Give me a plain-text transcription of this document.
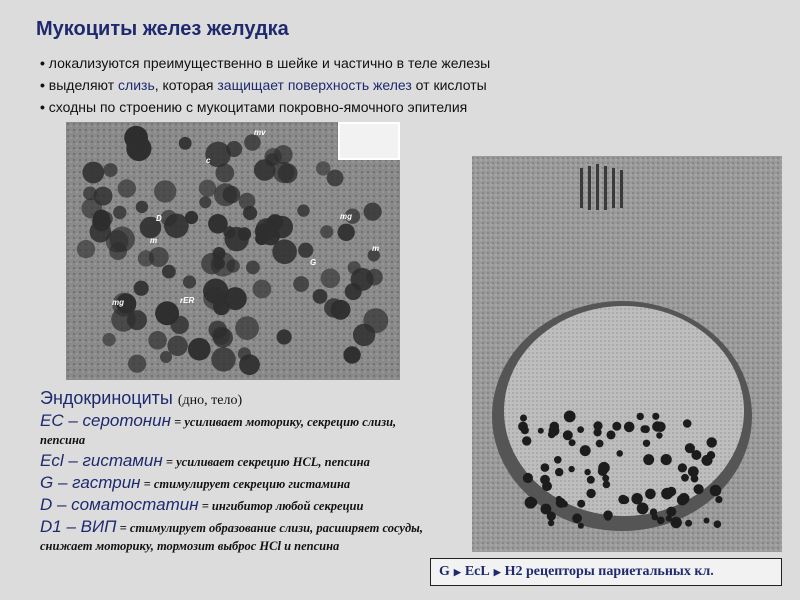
Мукоциты желез желудка
• локализуются преимущественно в шейке и частично в теле железы
• выделяют слизь, которая защищает поверхность желез от кислоты
• сходны по строению с мукоцитами покровно-ямочного эпителия
mv
c
mg
m
mg	rER
G
m
D
Эндокриноциты (дно, тело)

EC – серотонин = усиливает моторику, секрецию слизи, пепсина

Ecl – гистамин = усиливает секрецию HCL, пепсина

G – гастрин = стимулирует секрецию гистамина

D – соматостатин = ингибитор любой секреции

D1 – ВИП = стимулирует образование слизи, расширяет сосуды, снижает моторику, тормозит выброс HCl и пепсина

G ▶ EcL ▶ H2 рецепторы париетальных кл.
